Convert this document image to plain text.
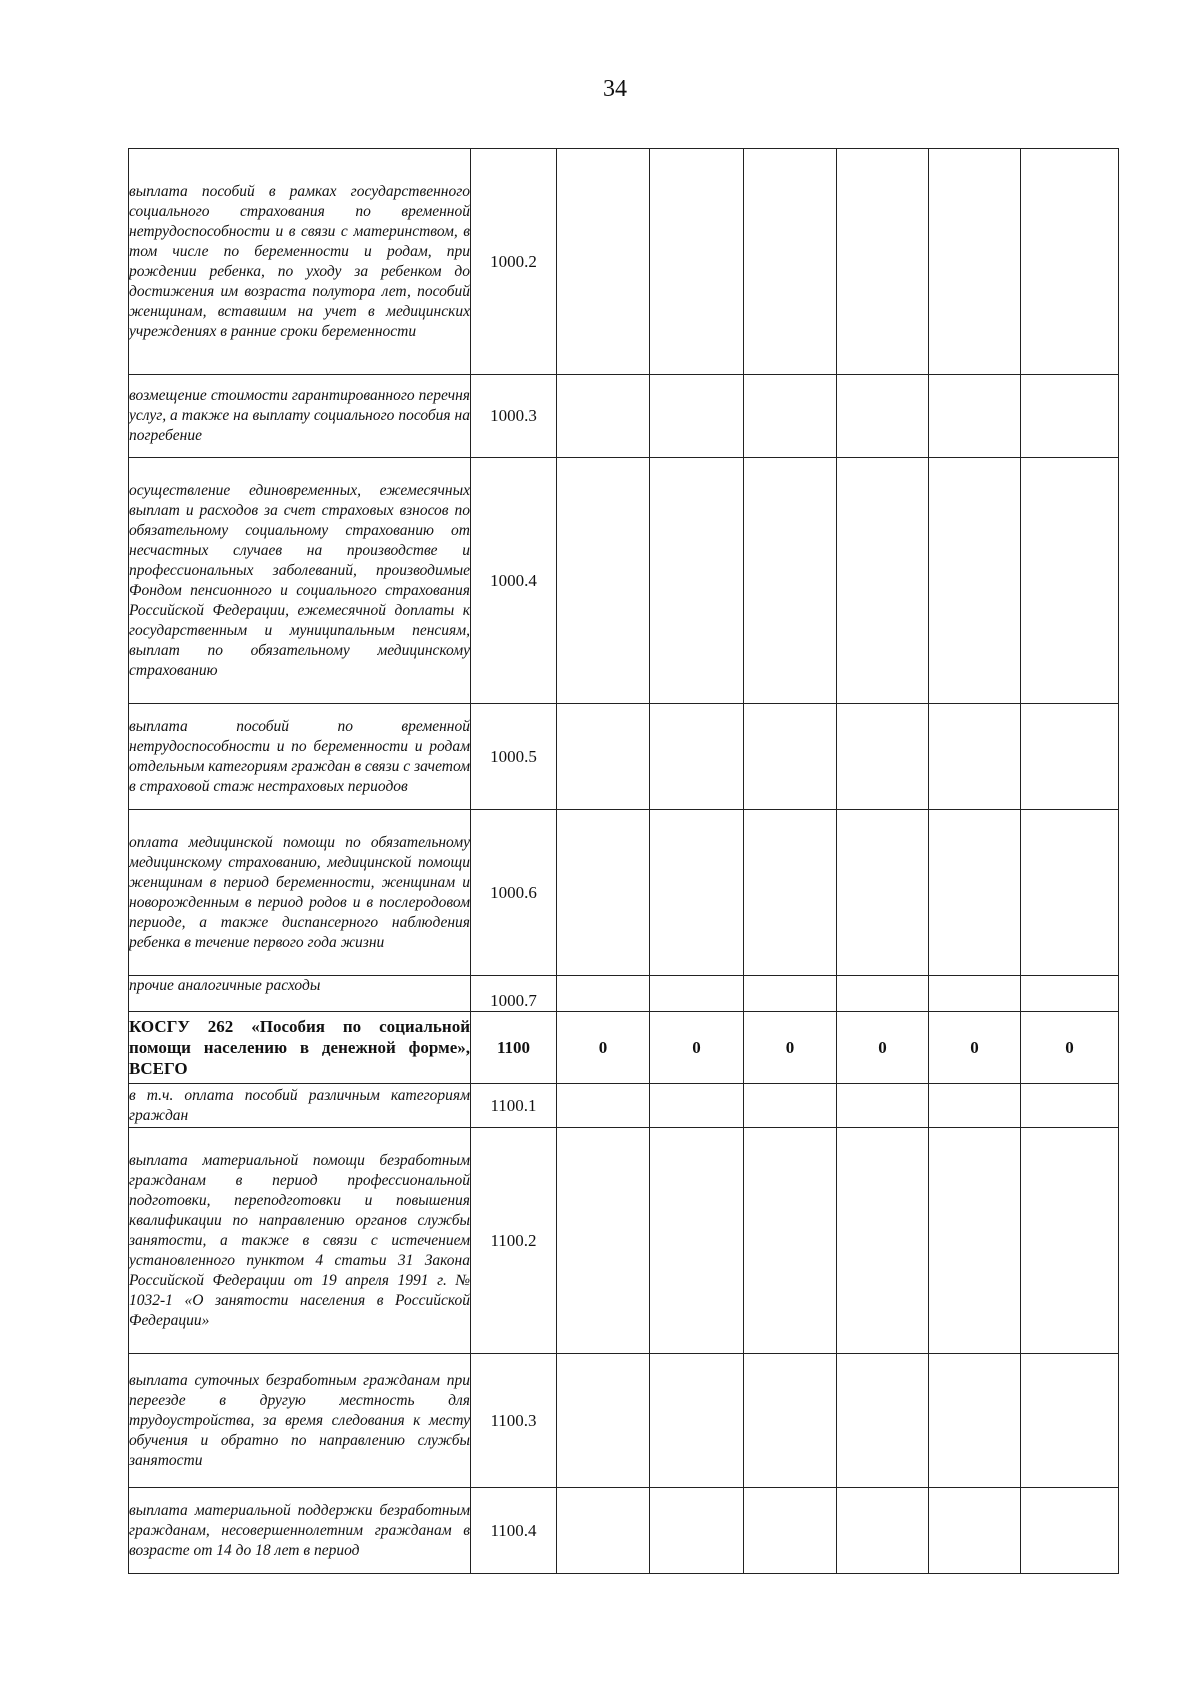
34
выплата пособий в рамках государственного социального страхования по временной нетрудоспособности и в связи с материнством, в том числе по беременности и родам, при рождении ребенка, по уходу за ребенком до достижения им возраста полутора лет, пособий женщинам, вставшим на учет в медицинских учреждениях в ранние сроки беременности	1000.2						
возмещение стоимости гарантированного перечня услуг, а также на выплату социального пособия на погребение	1000.3						
осуществление единовременных, ежемесячных выплат и расходов за счет страховых взносов по обязательному социальному страхованию от несчастных случаев на производстве и профессиональных заболеваний, производимые Фондом пенсионного и социального страхования Российской Федерации, ежемесячной доплаты к государственным и муниципальным пенсиям, выплат по обязательному медицинскому страхованию	1000.4						
выплата пособий по временной нетрудоспособности и по беременности и родам отдельным категориям граждан в связи с зачетом в страховой стаж нестраховых периодов	1000.5						
оплата медицинской помощи по обязательному медицинскому страхованию, медицинской помощи женщинам в период беременности, женщинам и новорожденным в период родов и в послеродовом периоде, а также диспансерного наблюдения ребенка в течение первого года жизни	1000.6						
прочие аналогичные расходы	1000.7						
КОСГУ 262 «Пособия по социальной помощи населению в денежной форме», ВСЕГО	1100	0	0	0	0	0	0
в т.ч. оплата пособий различным категориям граждан	1100.1						
выплата материальной помощи безработным гражданам в период профессиональной подготовки, переподготовки и повышения квалификации по направлению органов службы занятости, а также в связи с истечением установленного пунктом 4 статьи 31 Закона Российской Федерации от 19 апреля 1991 г. № 1032-1 «О занятости населения в Российской Федерации»	1100.2						
выплата суточных безработным гражданам при переезде в другую местность для трудоустройства, за время следования к месту обучения и обратно по направлению службы занятости	1100.3						
выплата материальной поддержки безработным гражданам, несовершеннолетним гражданам в возрасте от 14 до 18 лет в период	1100.4						
